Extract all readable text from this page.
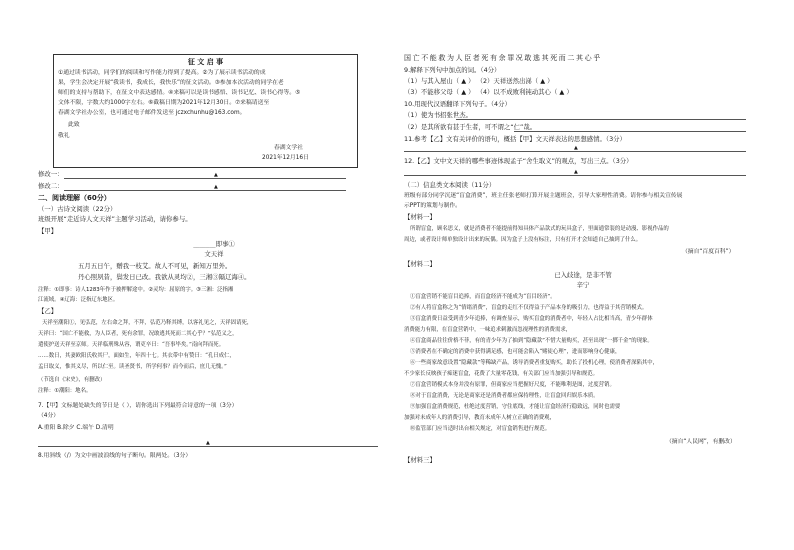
征 文 启 事
①通过读书活动，同学们的阅读和写作能力得到了提高。②为了展示读书活动的成
果，学生会决定开展“我读书，我成长，我快乐”的征文活动。③参加本次活动的同学在老
师们的支持与帮助下，在征文中表达感情。④来稿可以是读书感悟、读书记忆、读书心得等。⑤
文体不限，字数大约1000字左右。⑥截稿日期为2021年12月30日。⑦来稿请送至
春湖文学社办公室，也可通过电子邮件发送至 jczxchunhu@163.com。
此致
敬礼
春湖文学社
2021年12月16日
修改一：	▲
修改二：	▲
二、阅读理解（60分）
（一）古诗文阅读（22分）
班级开展“走近诗人文天祥”主题学习活动，请你参与。
【甲】
_______即事①
文天祥
五月五日午，赠我一枝艾。故人不可见，新知万里外。
丹心照夙昔，鬓发日已改。我欲从灵均②，三湘③隔辽海④。
注释：①即事：诗人1283年作于被押解途中。②灵均：屈原的字。③三湘：泛指湘
江流域。④辽海：泛指辽东地区。
【乙】
天祥至潮阳①，见弘范，左右命之拜，不拜，弘范乃释其缚，以客礼见之，天祥固请死，
天祥曰：“国亡不能救，为人臣者，死有余罪，况敢逃其死而二其心乎？”弘范义之，
遣使护送天祥至京师。天祥临刑殊从容，谓吏卒曰：“吾事毕矣。”南向拜而死。
……数日，其妻欧阳氏收其尸，面如生，年四十七。其衣带中有赞曰：“孔曰成仁，
孟曰取义，惟其义尽，所以仁至。读圣贤书，所学何事？而今而后，庶几无愧。”
（节选自《宋史》，有删改）
注释：①潮阳：地名。
7.【甲】文标题处缺失的节日是（ ），请你选出下列最符合诗意的一项（3分）
（4分）
A.重阳 B.除夕 C.端午 D.清明
▲
8.用斜线（/）为文中画波浪线的句子断句。限两处。（3分）
国亡不能救为人臣者死有余罪况敢逃其死而二其心乎
9.解释下列句中加点的词。（4分）
（1）与其入屋山（ ▲ ） （2）天祥送然出涕（ ▲ ）
（3）不能移父母（ ▲ ） （4）以不成败利钝动其心（ ▲ ）
10.用现代汉语翻译下列句子。（4分）
（1）使为书招张世杰。
（2）是其所欲有甚于生者，可不谓之“仁”哉。
11.参考【乙】文有关评价的语句，概括【甲】文天祥表达的思想感情。（3分）
▲
12.【乙】文中文天祥的哪些事迹体现孟子“舍生取义”的观点，写出三点。（3分）
▲
（二）信息类文本阅读（11分）
班级有部分同学沉迷“盲盒消费”，班主任张老师打算开展主题班会，引导大家理性消费。请你参与相关宣传展
示PPT的策划与制作。
【材料一】
所谓盲盒，顾名思义，就是消费者不能提前得知具体产品款式的玩具盒子，里面通常装的是动漫、影视作品的
周边，或者设计师单独设计出来的玩偶。因为盒子上没有标注，只有打开才会知道自己抽到了什么。
（摘自“百度百科”）
【材料二】
已入歧途，是非不管
辛宁
①盲盒营销不能盲目追捧，而盲盒经济不能成为“盲目经济”。
②有人将盲盒称之为“情绪消费”，盲盒的走红不仅得益于产品本身的吸引力，也得益于其营销模式。
③盲盒消费日益受到青少年追捧，有调查显示，购买盲盒的消费者中，年轻人占比相当高，青少年群体
消费能力有限，在盲盒营销中，一味追求刺激而忽视理性的消费需求，
④盲盒商品往往价格不菲，有的青少年为了抽到“隐藏款”不惜大量购买，甚至出现“一掷千金”的现象。
⑤消费者在不确定的消费中获得满足感，也可能会陷入“赌徒心理”，进而影响身心健康，
⑥一些商家故意设置“隐藏款”等稀缺产品，诱导消费者重复购买，助长了投机心理，使消费者深陷其中，
不少家长反映孩子痴迷盲盒，花费了大量零花钱，有关部门应当加强引导和规范。
⑦盲盒营销模式本身并没有原罪，但商家应当把握好尺度，不能唯利是图，过度营销。
⑧对于盲盒消费，无论是商家还是消费者都应保持理性，让盲盒回归娱乐本质。
⑨加强盲盒消费规范，杜绝过度营销，守住底线，才能让盲盒经济行稳致远，同时也需要
加强对未成年人的消费引导，教育未成年人树立正确的消费观，
⑩监管部门应当适时出台相关规定，对盲盒销售进行规范。
（摘自“人民网”，有删改）
【材料三】
